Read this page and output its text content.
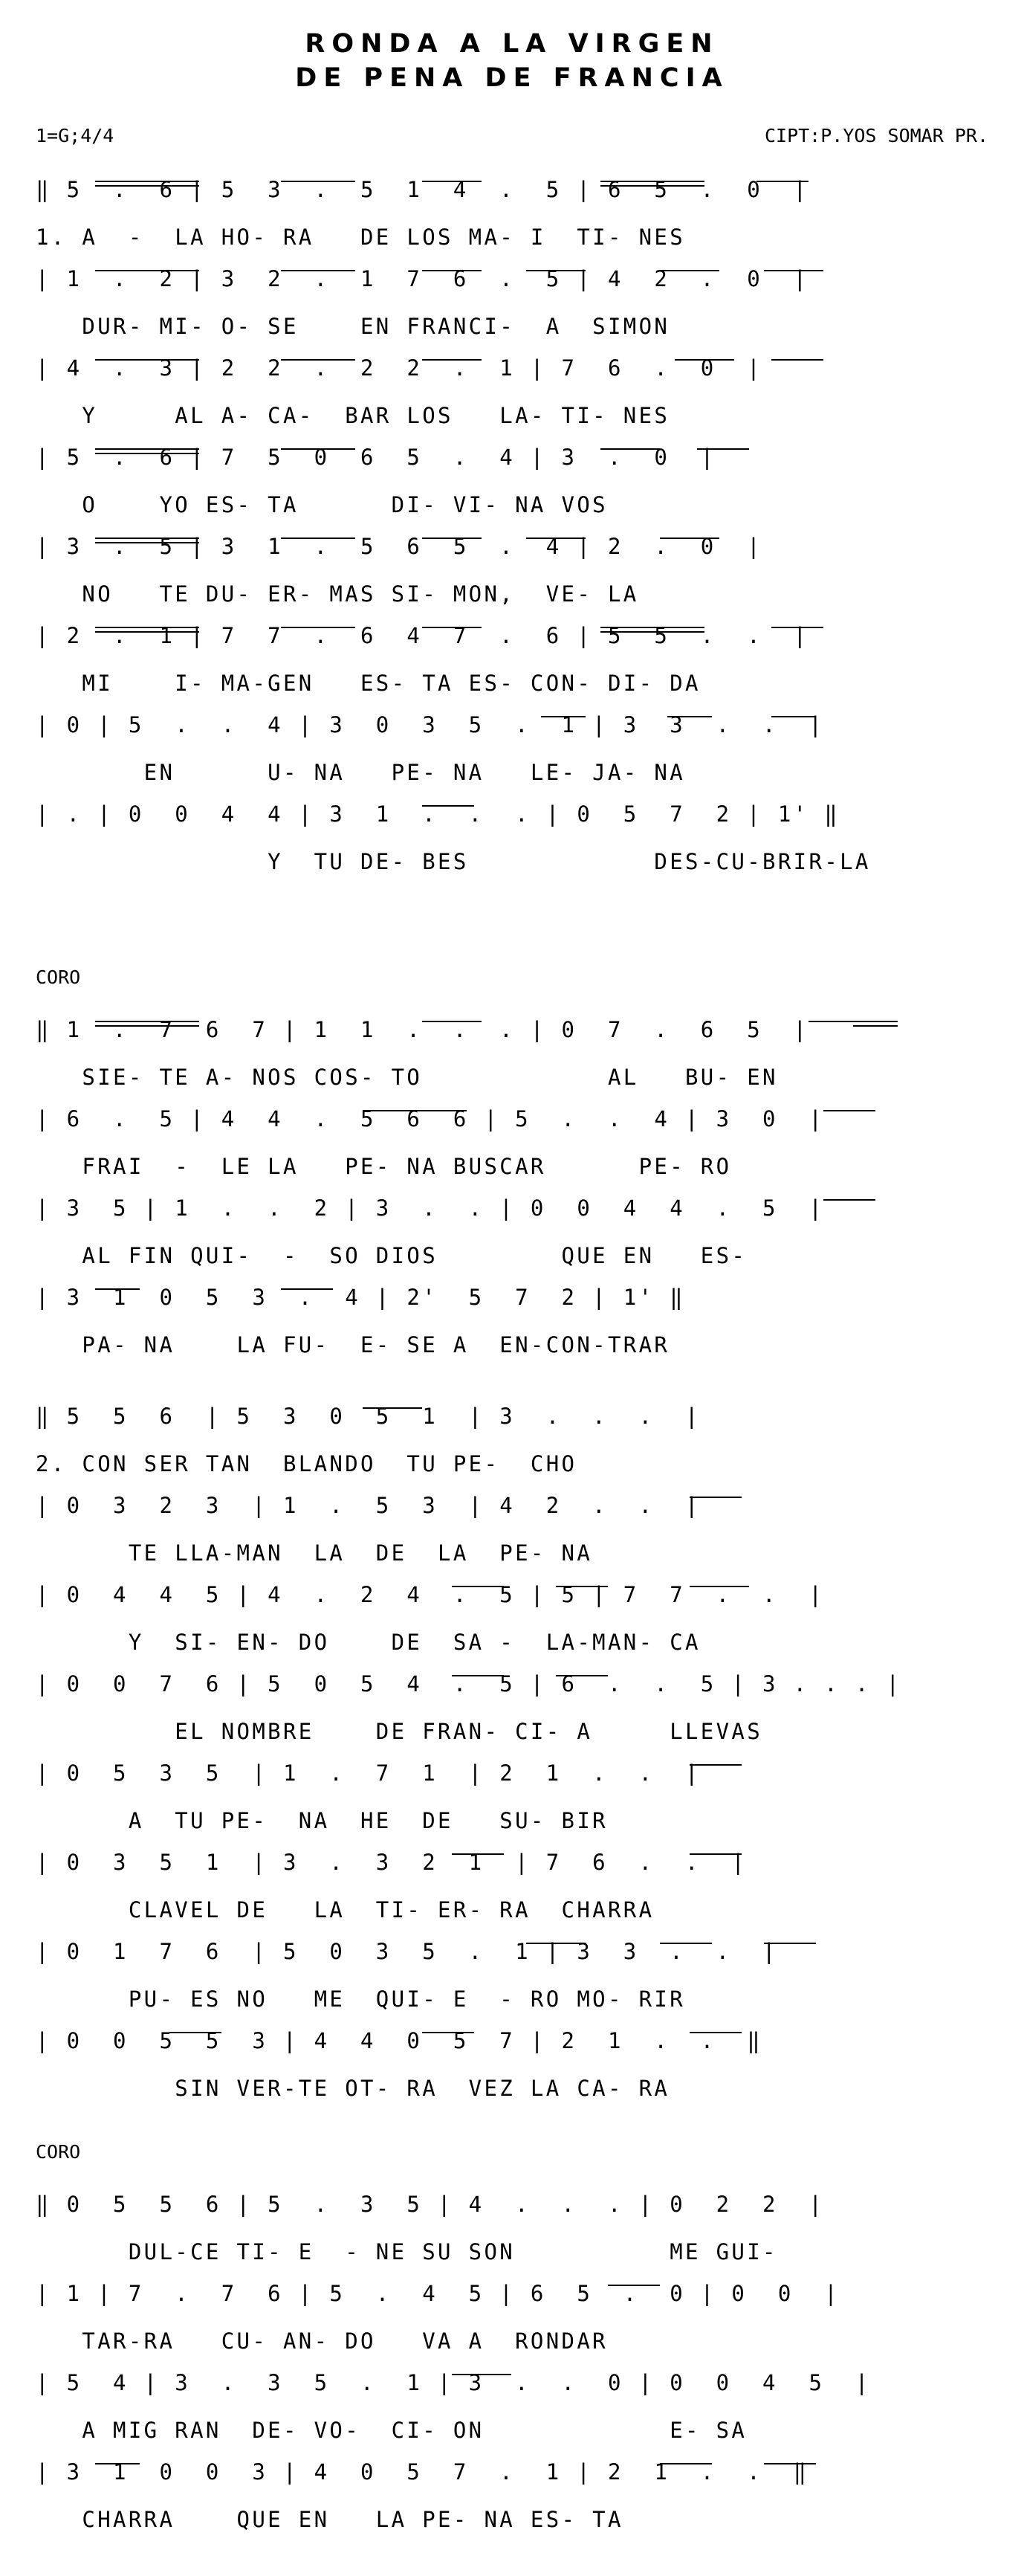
RONDA A LA VIRGEN
DE PENA DE FRANCIA
1=G;4/4	CIPT:P.YOS SOMAR PR.
CORO
CORO
‖ 5  .  6 | 5  3  .  5  1  4  .  5 | 6  5  .  0  |
1. A  -  LA HO- RA   DE LOS MA- I  TI- NES
| 1  .  2 | 3  2  .  1  7  6  .  5 | 4  2  .  0  |
DUR- MI- O- SE    EN FRANCI-  A  SIMON
| 4  .  3 | 2  2  .  2  2  .  1 | 7  6  .  0  |
Y     AL A- CA-  BAR LOS   LA- TI- NES
| 5  .  6 | 7  5  0  6  5  .  4 | 3  .  0  |
O    YO ES- TA      DI- VI- NA VOS
| 3  .  5 | 3  1  .  5  6  5  .  4 | 2  .  0  |
NO   TE DU- ER- MAS SI- MON,  VE- LA
| 2  .  1 | 7  7  .  6  4  7  .  6 | 5  5  .  .  |
MI    I- MA-GEN   ES- TA ES- CON- DI- DA
| 0 | 5  .  .  4 | 3  0  3  5  .  1 | 3  3  .  .  |
EN      U- NA   PE- NA   LE- JA- NA
| . | 0  0  4  4 | 3  1  .  .  . | 0  5  7  2 | 1' ‖
Y  TU DE- BES            DES-CU-BRIR-LA
‖ 1  .  7  6  7 | 1  1  .  .  . | 0  7  .  6  5  |
SIE- TE A- NOS COS- TO            AL   BU- EN
| 6  .  5 | 4  4  .  5  6  6 | 5  .  .  4 | 3  0  |
FRAI  -  LE LA   PE- NA BUSCAR      PE- RO
| 3  5 | 1  .  .  2 | 3  .  . | 0  0  4  4  .  5  |
AL FIN QUI-  -  SO DIOS        QUE EN   ES-
| 3  1  0  5  3  .  4 | 2'  5  7  2 | 1' ‖
PA- NA    LA FU-  E- SE A  EN-CON-TRAR
‖ 5  5  6  | 5  3  0  5  1  | 3  .  .  .  |
2. CON SER TAN  BLANDO  TU PE-  CHO
| 0  3  2  3  | 1  .  5  3  | 4  2  .  .  |
TE LLA-MAN  LA  DE  LA  PE- NA
| 0  4  4  5 | 4  .  2  4  .  5 | 5 | 7  7  .  .  |
Y  SI- EN- DO    DE  SA -  LA-MAN- CA
| 0  0  7  6 | 5  0  5  4  .  5 | 6  .  .  5 | 3 . . . |
EL NOMBRE    DE FRAN- CI- A     LLEVAS
| 0  5  3  5  | 1  .  7  1  | 2  1  .  .  |
A  TU PE-  NA  HE  DE   SU- BIR
| 0  3  5  1  | 3  .  3  2  1  | 7  6  .  .  |
CLAVEL DE   LA  TI- ER- RA  CHARRA
| 0  1  7  6  | 5  0  3  5  .  1 | 3  3  .  .  |
PU- ES NO   ME  QUI- E  - RO MO- RIR
| 0  0  5  5  3 | 4  4  0  5  7 | 2  1  .  .  ‖
SIN VER-TE OT- RA  VEZ LA CA- RA
‖ 0  5  5  6 | 5  .  3  5 | 4  .  .  . | 0  2  2  |
DUL-CE TI- E  - NE SU SON          ME GUI-
| 1 | 7  .  7  6 | 5  .  4  5 | 6  5  .  0 | 0  0  |
TAR-RA   CU- AN- DO   VA A  RONDAR
| 5  4 | 3  .  3  5  .  1 | 3  .  .  0 | 0  0  4  5  |
A MIG RAN  DE- VO-  CI- ON            E- SA
| 3  1  0  0  3 | 4  0  5  7  .  1 | 2  1  .  .  ‖
CHARRA    QUE EN   LA PE- NA ES- TA
